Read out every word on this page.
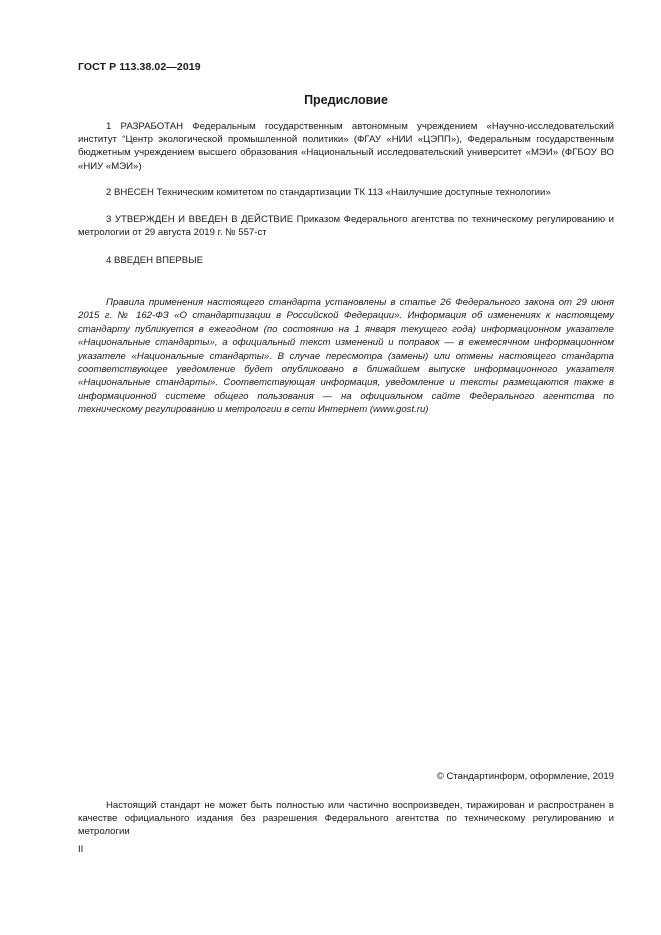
ГОСТ Р 113.38.02—2019
Предисловие

1 РАЗРАБОТАН Федеральным государственным автономным учреждением «Научно-исследовательский институт “Центр экологической промышленной политики» (ФГАУ «НИИ «ЦЭПП»), Федеральным государственным бюджетным учреждением высшего образования «Национальный исследовательский университет «МЭИ» (ФГБОУ ВО «НИУ «МЭИ»)

2 ВНЕСЕН Техническим комитетом по стандартизации ТК 113 «Наилучшие доступные технологии»

3 УТВЕРЖДЕН И ВВЕДЕН В ДЕЙСТВИЕ Приказом Федерального агентства по техническому регулированию и метрологии от 29 августа 2019 г. № 557-ст

4 ВВЕДЕН ВПЕРВЫЕ

Правила применения настоящего стандарта установлены в статье 26 Федерального закона от 29 июня 2015 г. № 162-ФЗ «О стандартизации в Российской Федерации». Информация об изменениях к настоящему стандарту публикуется в ежегодном (по состоянию на 1 января текущего года) информационном указателе «Национальные стандарты», а официальный текст изменений и поправок — в ежемесячном информационном указателе «Национальные стандарты». В случае пересмотра (замены) или отмены настоящего стандарта соответствующее уведомление будет опубликовано в ближайшем выпуске информационного указателя «Национальные стандарты». Соответствующая информация, уведомление и тексты размещаются также в информационной системе общего пользования — на официальном сайте Федерального агентства по техническому регулированию и метрологии в сети Интернет (www.gost.ru)

© Стандартинформ, оформление, 2019

Настоящий стандарт не может быть полностью или частично воспроизведен, тиражирован и распространен в качестве официального издания без разрешения Федерального агентства по техническому регулированию и метрологии

II
